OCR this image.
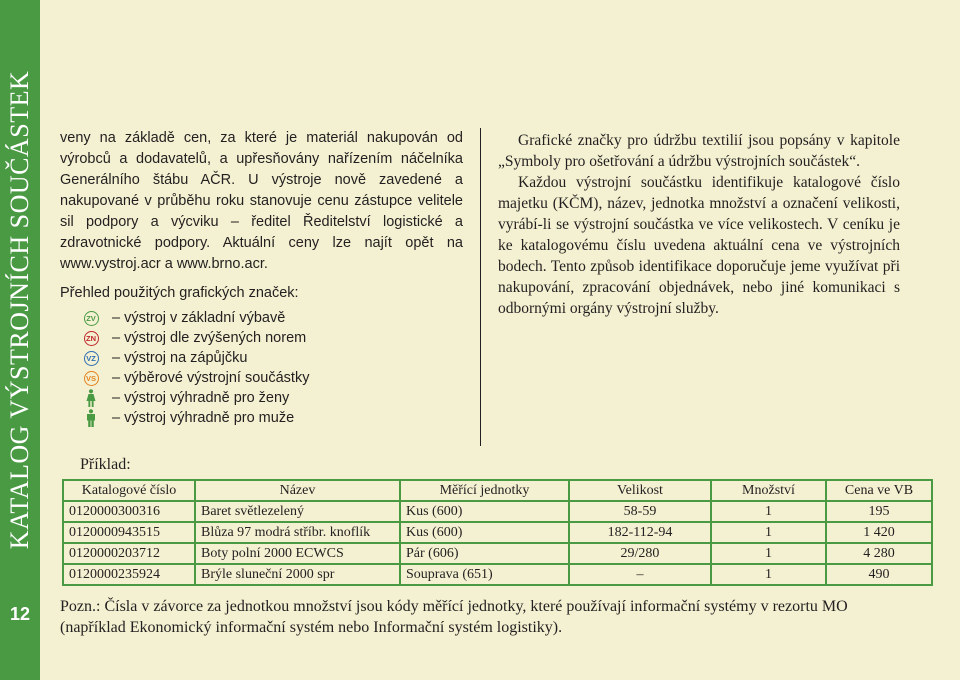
KATALOG VÝSTROJNÍCH SOUČÁSTEK
12

veny na základě cen, za které je materiál nakupován od výrobců a dodavatelů, a upřesňovány nařízením náčelníka Generálního štábu AČR. U výstroje nově zavedené a nakupované v průběhu roku stanovuje cenu zástupce velitele sil podpory a výcviku – ředitel Ředitelství logistické a zdravotnické podpory. Aktuální ceny lze najít opět na www.vystroj.acr a www.brno.acr.

Přehled použitých grafických značek:

ZV – výstroj v základní výbavě
ZN – výstroj dle zvýšených norem
VZ – výstroj na zápůjčku
VS – výběrové výstrojní součástky
– výstroj výhradně pro ženy
– výstroj výhradně pro muže

Grafické značky pro údržbu textilií jsou popsány v kapitole „Symboly pro ošetřování a údržbu výstrojních součástek“.

Každou výstrojní součástku identifikuje katalogové číslo majetku (KČM), název, jednotka množství a označení velikosti, vyrábí-li se výstrojní součástka ve více velikostech. V ceníku je ke katalogovému číslu uvedena aktuální cena ve výstrojních bodech. Tento způsob identifikace doporučuje jeme využívat při nakupování, zpracování objednávek, nebo jiné komunikaci s odbornými orgány výstrojní služby.

Příklad:
Katalogové číslo	Název	Měřící jednotky	Velikost	Množství	Cena ve VB
0120000300316	Baret světlezelený	Kus (600)	58-59	1	195
0120000943515	Blůza 97 modrá stříbr. knoflík	Kus (600)	182-112-94	1	1 420
0120000203712	Boty polní 2000 ECWCS	Pár (606)	29/280	1	4 280
0120000235924	Brýle sluneční 2000 spr	Souprava (651)	–	1	490
Pozn.: Čísla v závorce za jednotkou množství jsou kódy měřící jednotky, které používají informační systémy v rezortu MO (například Ekonomický informační systém nebo Informační systém logistiky).
